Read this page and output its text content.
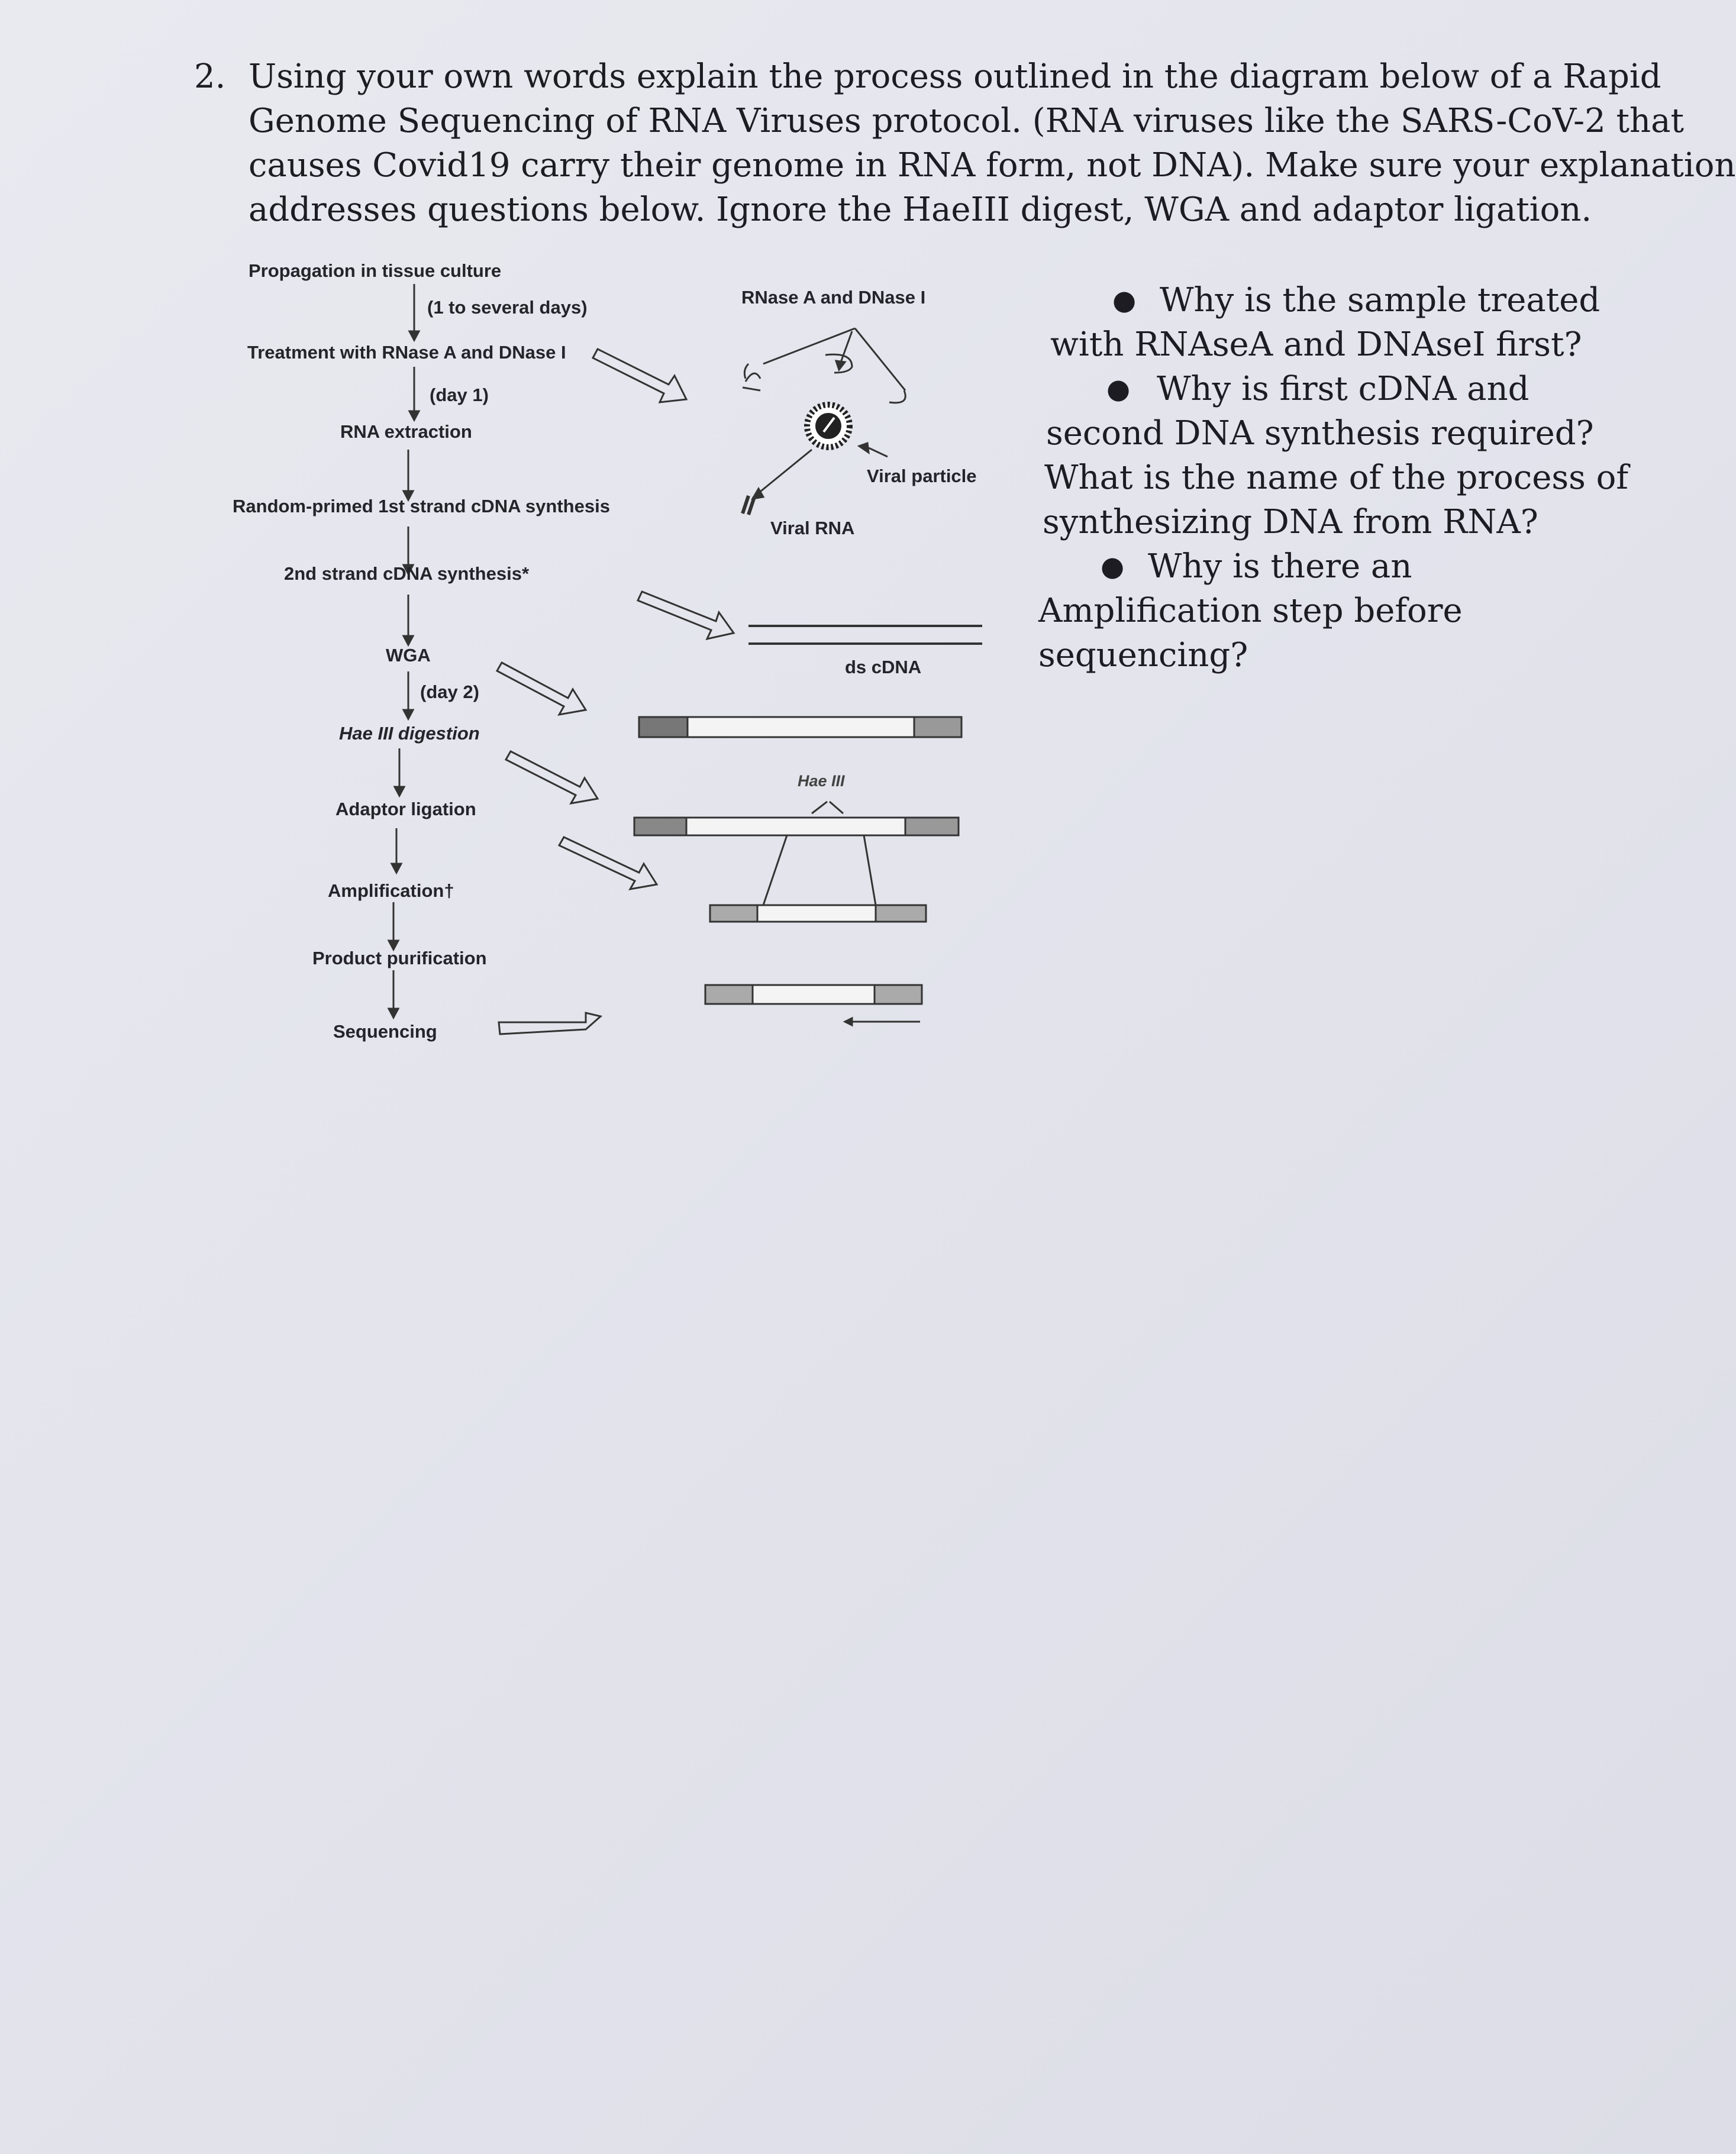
2. Using your own words explain the process outlined in the diagram below of a Rapid
Genome Sequencing of RNA Viruses protocol. (RNA viruses like the SARS-CoV-2 that
causes Covid19 carry their genome in RNA form, not DNA). Make sure your explanation
addresses questions below. Ignore the HaeIII digest, WGA and adaptor ligation.
Propagation in tissue culture
(1 to several days)
Treatment with RNase A and DNase I
(day 1)
RNA extraction
Random-primed 1st strand cDNA synthesis
2nd strand cDNA synthesis*
WGA
(day 2)
Hae III digestion
Adaptor ligation
Amplification†
Product purification
Sequencing
RNase A and DNase I
Viral particle
Viral RNA
ds cDNA
Hae III
● Why is the sample treated
with RNAseA and DNAseI first?
● Why is first cDNA and
second DNA synthesis required?
What is the name of the process of
synthesizing DNA from RNA?
● Why is there an
Amplification step before
sequencing?
